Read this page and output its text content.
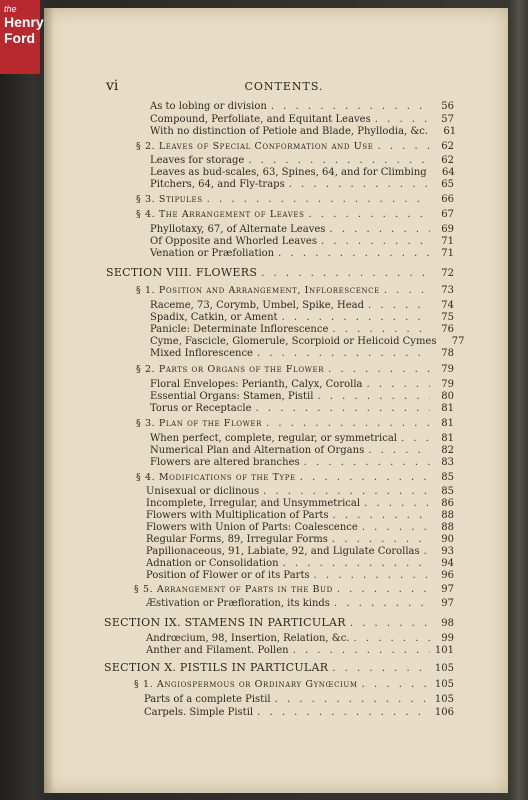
the
Henry
Ford
vi	CONTENTS.
As to lobing or division . . .	56
Compound, Perfoliate, and Equitant Leaves . . .	57
With no distinction of Petiole and Blade, Phyllodia, &c.	61
§ 2. Leaves of Special Conformation and Use . . .	62
Leaves for storage . . .	62
Leaves as bud-scales, 63, Spines, 64, and for Climbing	64
Pitchers, 64, and Fly-traps . . .	65
§ 3. Stipules . . .	66
§ 4. The Arrangement of Leaves . . .	67
Phyllotaxy, 67, of Alternate Leaves . . .	69
Of Opposite and Whorled Leaves . . .	71
Venation or Præfoliation . . .	71
SECTION VIII. FLOWERS . . .	72
§ 1. Position and Arrangement, Inflorescence . . .	73
Raceme, 73, Corymb, Umbel, Spike, Head . . .	74
Spadix, Catkin, or Ament . . .	75
Panicle: Determinate Inflorescence . . .	76
Cyme, Fascicle, Glomerule, Scorpioid or Helicoid Cymes	77
Mixed Inflorescence . . .	78
§ 2. Parts or Organs of the Flower . . .	79
Floral Envelopes: Perianth, Calyx, Corolla . . .	79
Essential Organs: Stamen, Pistil . . .	80
Torus or Receptacle . . .	81
§ 3. Plan of the Flower . . .	81
When perfect, complete, regular, or symmetrical . . .	81
Numerical Plan and Alternation of Organs . . .	82
Flowers are altered branches . . .	83
§ 4. Modifications of the Type . . .	85
Unisexual or diclinous . . .	85
Incomplete, Irregular, and Unsymmetrical . . .	86
Flowers with Multiplication of Parts . . .	88
Flowers with Union of Parts: Coalescence . . .	88
Regular Forms, 89, Irregular Forms . . .	90
Papilionaceous, 91, Labiate, 92, and Ligulate Corollas . . .	93
Adnation or Consolidation . . .	94
Position of Flower or of its Parts . . .	96
§ 5. Arrangement of Parts in the Bud . . .	97
Æstivation or Præfloration, its kinds . . .	97
SECTION IX. STAMENS IN PARTICULAR . . .	98
Andrœcium, 98, Insertion, Relation, &c. . . .	99
Anther and Filament. Pollen . . .	101
SECTION X. PISTILS IN PARTICULAR . . .	105
§ 1. Angiospermous or Ordinary Gynœcium . . .	105
Parts of a complete Pistil . . .	105
Carpels. Simple Pistil . . .	106
